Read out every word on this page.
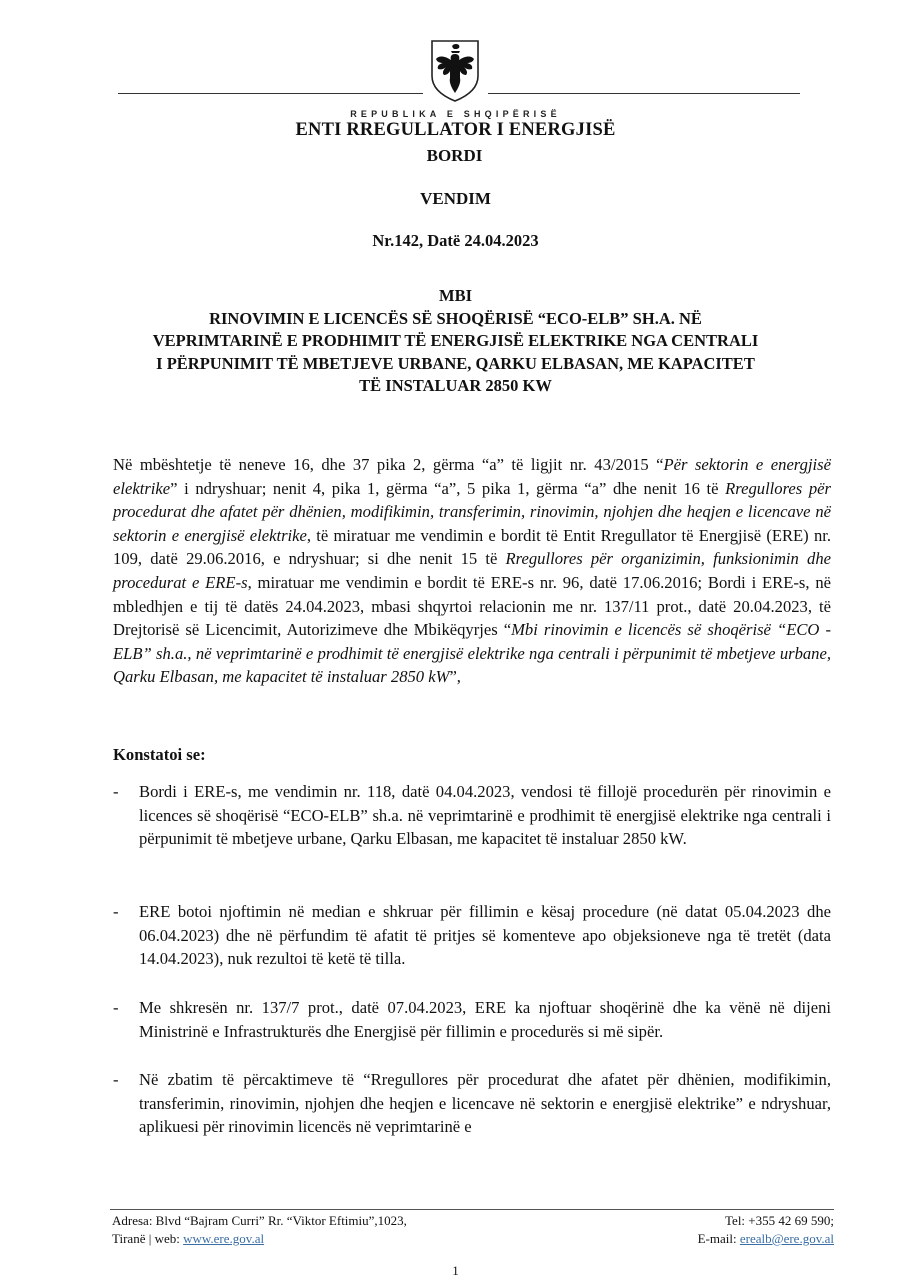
REPUBLIKA E SHQIPËRISË
ENTI RREGULLATOR I ENERGJISË
BORDI
VENDIM
Nr.142, Datë 24.04.2023
MBI
RINOVIMIN E LICENCËS SË SHOQËRISË “ECO-ELB” SH.A. NË
VEPRIMTARINË E PRODHIMIT TË ENERGJISË ELEKTRIKE NGA CENTRALI
I PËRPUNIMIT TË MBETJEVE URBANE, QARKU ELBASAN, ME KAPACITET
TË INSTALUAR 2850 KW
Në mbështetje të neneve 16, dhe 37 pika 2, gërma “a” të ligjit nr. 43/2015 “Për sektorin e energjisë elektrike” i ndryshuar; nenit 4, pika 1, gërma “a”, 5 pika 1, gërma “a” dhe nenit 16 të Rregullores për procedurat dhe afatet për dhënien, modifikimin, transferimin, rinovimin, njohjen dhe heqjen e licencave në sektorin e energjisë elektrike, të miratuar me vendimin e bordit të Entit Rregullator të Energjisë (ERE) nr. 109, datë 29.06.2016, e ndryshuar; si dhe nenit 15 të Rregullores për organizimin, funksionimin dhe procedurat e ERE-s, miratuar me vendimin e bordit të ERE-s nr. 96, datë 17.06.2016; Bordi i ERE-s, në mbledhjen e tij të datës 24.04.2023, mbasi shqyrtoi relacionin me nr. 137/11 prot., datë 20.04.2023, të Drejtorisë së Licencimit, Autorizimeve dhe Mbikëqyrjes “Mbi rinovimin e licencës së shoqërisë “ECO - ELB” sh.a., në veprimtarinë e prodhimit të energjisë elektrike nga centrali i përpunimit të mbetjeve urbane, Qarku Elbasan, me kapacitet të instaluar 2850 kW”,
Konstatoi se:
-	Bordi i ERE-s, me vendimin nr. 118, datë 04.04.2023, vendosi të fillojë procedurën për rinovimin e licences së shoqërisë “ECO-ELB” sh.a. në veprimtarinë e prodhimit të energjisë elektrike nga centrali i përpunimit të mbetjeve urbane, Qarku Elbasan, me kapacitet të instaluar 2850 kW.
-	ERE botoi njoftimin në median e shkruar për fillimin e kësaj procedure (në datat 05.04.2023 dhe 06.04.2023) dhe në përfundim të afatit të pritjes së komenteve apo objeksioneve nga të tretët (data 14.04.2023), nuk rezultoi të ketë të tilla.
-	Me shkresën nr. 137/7 prot., datë 07.04.2023, ERE ka njoftuar shoqërinë dhe ka vënë në dijeni Ministrinë e Infrastrukturës dhe Energjisë për fillimin e procedurës si më sipër.
-	Në zbatim të përcaktimeve të “Rregullores për procedurat dhe afatet për dhënien, modifikimin, transferimin, rinovimin, njohjen dhe heqjen e licencave në sektorin e energjisë elektrike” e ndryshuar, aplikuesi për rinovimin licencës në veprimtarinë e
Adresa: Blvd “Bajram Curri” Rr. “Viktor Eftimiu”,1023,
Tiranë | web: www.ere.gov.al
Tel: +355 42 69 590;
E-mail: erealb@ere.gov.al
1
